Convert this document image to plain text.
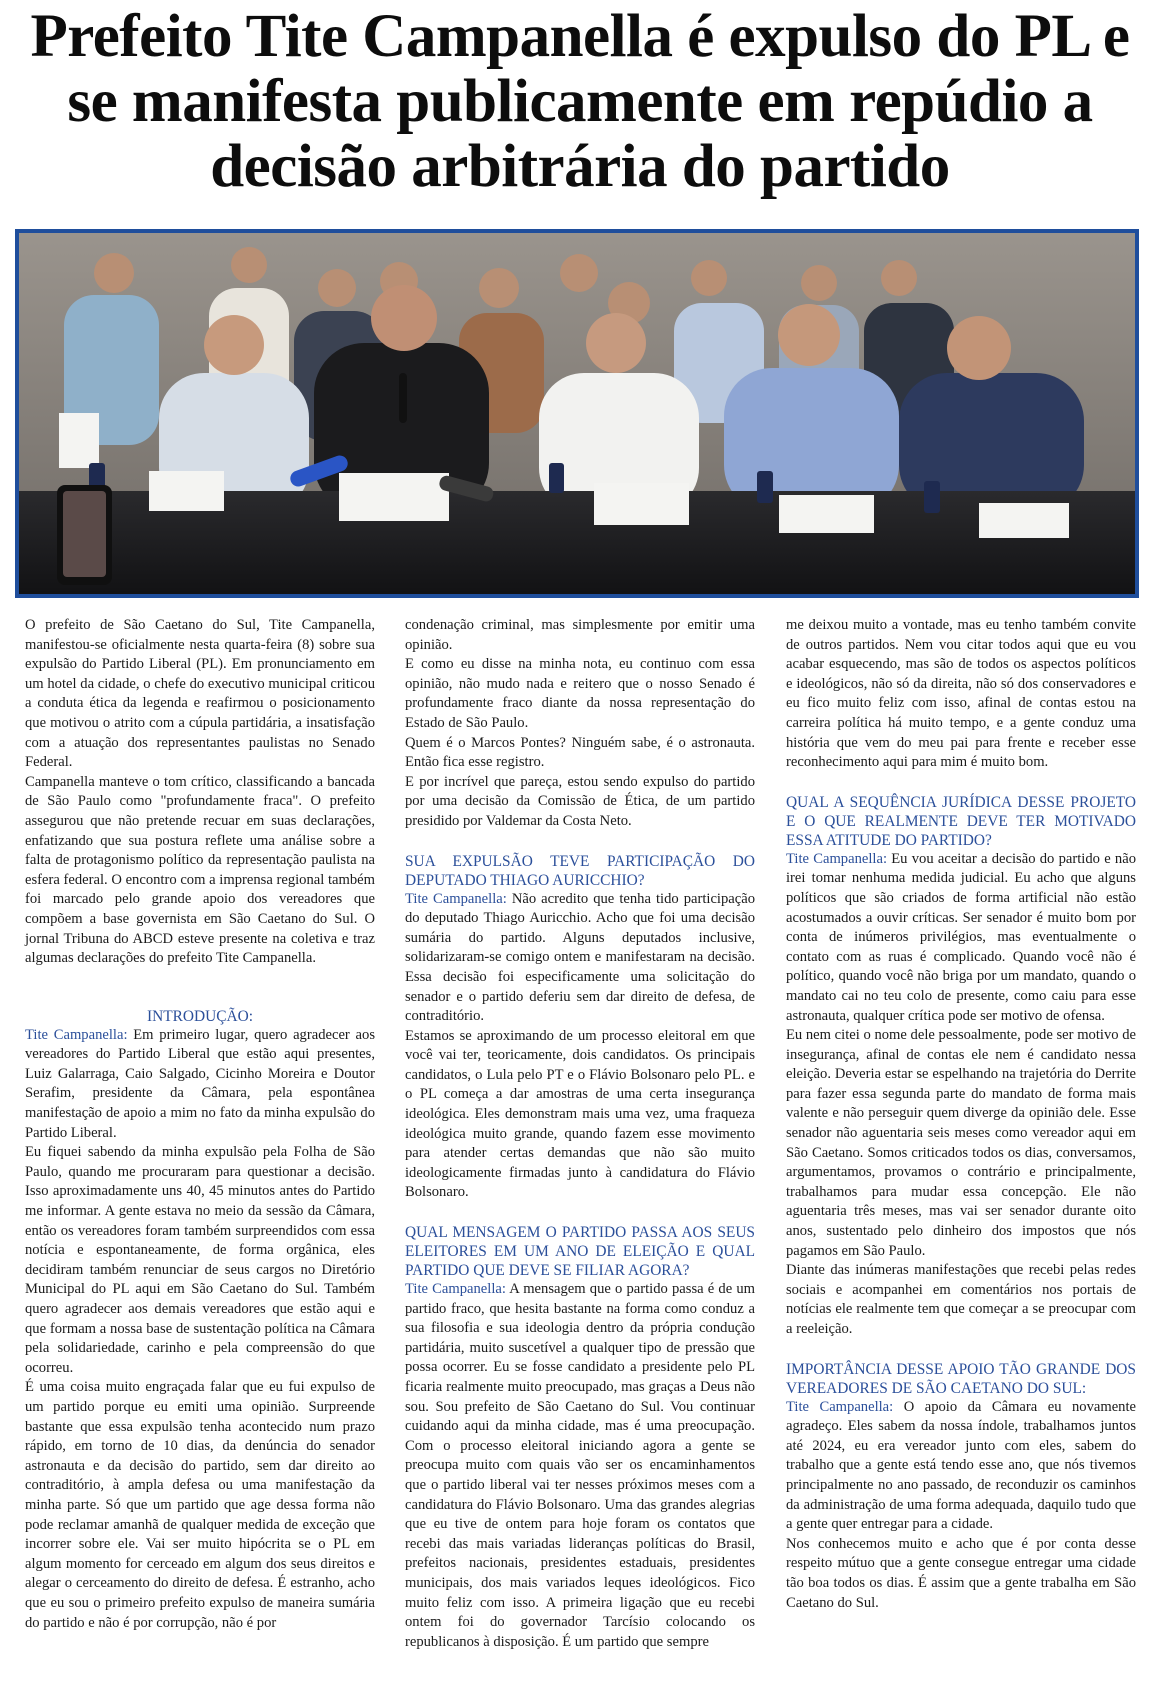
Prefeito Tite Campanella é expulso do PL e se manifesta publicamente em repúdio a decisão arbitrária do partido

O prefeito de São Caetano do Sul, Tite Campanella, manifestou-se oficialmente nesta quarta-feira (8) sobre sua expulsão do Partido Liberal (PL). Em pronunciamento em um hotel da cidade, o chefe do executivo municipal criticou a conduta ética da legenda e reafirmou o posicionamento que motivou o atrito com a cúpula partidária, a insatisfação com a atuação dos representantes paulistas no Senado Federal.

Campanella manteve o tom crítico, classificando a bancada de São Paulo como "profundamente fraca". O prefeito assegurou que não pretende recuar em suas declarações, enfatizando que sua postura reflete uma análise sobre a falta de protagonismo político da representação paulista na esfera federal. O encontro com a imprensa regional também foi marcado pelo grande apoio dos vereadores que compõem a base governista em São Caetano do Sul. O jornal Tribuna do ABCD esteve presente na coletiva e traz algumas declarações do prefeito Tite Campanella.

INTRODUÇÃO:

Tite Campanella: Em primeiro lugar, quero agradecer aos vereadores do Partido Liberal que estão aqui presentes, Luiz Galarraga, Caio Salgado, Cicinho Moreira e Doutor Serafim, presidente da Câmara, pela espontânea manifestação de apoio a mim no fato da minha expulsão do Partido Liberal.

Eu fiquei sabendo da minha expulsão pela Folha de São Paulo, quando me procuraram para questionar a decisão. Isso aproximadamente uns 40, 45 minutos antes do Partido me informar. A gente estava no meio da sessão da Câmara, então os vereadores foram também surpreendidos com essa notícia e espontaneamente, de forma orgânica, eles decidiram também renunciar de seus cargos no Diretório Municipal do PL aqui em São Caetano do Sul. Também quero agradecer aos demais vereadores que estão aqui e que formam a nossa base de sustentação política na Câmara pela solidariedade, carinho e pela compreensão do que ocorreu.

É uma coisa muito engraçada falar que eu fui expulso de um partido porque eu emiti uma opinião. Surpreende bastante que essa expulsão tenha acontecido num prazo rápido, em torno de 10 dias, da denúncia do senador astronauta e da decisão do partido, sem dar direito ao contraditório, à ampla defesa ou uma manifestação da minha parte. Só que um partido que age dessa forma não pode reclamar amanhã de qualquer medida de exceção que incorrer sobre ele. Vai ser muito hipócrita se o PL em algum momento for cerceado em algum dos seus direitos e alegar o cerceamento do direito de defesa. É estranho, acho que eu sou o primeiro prefeito expulso de maneira sumária do partido e não é por corrupção, não é por

condenação criminal, mas simplesmente por emitir uma opinião.

E como eu disse na minha nota, eu continuo com essa opinião, não mudo nada e reitero que o nosso Senado é profundamente fraco diante da nossa representação do Estado de São Paulo.

Quem é o Marcos Pontes? Ninguém sabe, é o astronauta. Então fica esse registro.

E por incrível que pareça, estou sendo expulso do partido por uma decisão da Comissão de Ética, de um partido presidido por Valdemar da Costa Neto.

SUA EXPULSÃO TEVE PARTICIPAÇÃO DO DEPUTADO THIAGO AURICCHIO?

Tite Campanella: Não acredito que tenha tido participação do deputado Thiago Auricchio. Acho que foi uma decisão sumária do partido. Alguns deputados inclusive, solidarizaram-se comigo ontem e manifestaram na decisão. Essa decisão foi especificamente uma solicitação do senador e o partido deferiu sem dar direito de defesa, de contraditório.

Estamos se aproximando de um processo eleitoral em que você vai ter, teoricamente, dois candidatos. Os principais candidatos, o Lula pelo PT e o Flávio Bolsonaro pelo PL. e o PL começa a dar amostras de uma certa insegurança ideológica. Eles demonstram mais uma vez, uma fraqueza ideológica muito grande, quando fazem esse movimento para atender certas demandas que não são muito ideologicamente firmadas junto à candidatura do Flávio Bolsonaro.

QUAL MENSAGEM O PARTIDO PASSA AOS SEUS ELEITORES EM UM ANO DE ELEIÇÃO E QUAL PARTIDO QUE DEVE SE FILIAR AGORA?

Tite Campanella: A mensagem que o partido passa é de um partido fraco, que hesita bastante na forma como conduz a sua filosofia e sua ideologia dentro da própria condução partidária, muito suscetível a qualquer tipo de pressão que possa ocorrer. Eu se fosse candidato a presidente pelo PL ficaria realmente muito preocupado, mas graças a Deus não sou. Sou prefeito de São Caetano do Sul. Vou continuar cuidando aqui da minha cidade, mas é uma preocupação. Com o processo eleitoral iniciando agora a gente se preocupa muito com quais vão ser os encaminhamentos que o partido liberal vai ter nesses próximos meses com a candidatura do Flávio Bolsonaro. Uma das grandes alegrias que eu tive de ontem para hoje foram os contatos que recebi das mais variadas lideranças políticas do Brasil, prefeitos nacionais, presidentes estaduais, presidentes municipais, dos mais variados leques ideológicos. Fico muito feliz com isso. A primeira ligação que eu recebi ontem foi do governador Tarcísio colocando os republicanos à disposição. É um partido que sempre

me deixou muito a vontade, mas eu tenho também convite de outros partidos. Nem vou citar todos aqui que eu vou acabar esquecendo, mas são de todos os aspectos políticos e ideológicos, não só da direita, não só dos conservadores e eu fico muito feliz com isso, afinal de contas estou na carreira política há muito tempo, e a gente conduz uma história que vem do meu pai para frente e receber esse reconhecimento aqui para mim é muito bom.

QUAL A SEQUÊNCIA JURÍDICA DESSE PROJETO E O QUE REALMENTE DEVE TER MOTIVADO ESSA ATITUDE DO PARTIDO?

Tite Campanella: Eu vou aceitar a decisão do partido e não irei tomar nenhuma medida judicial. Eu acho que alguns políticos que são criados de forma artificial não estão acostumados a ouvir críticas. Ser senador é muito bom por conta de inúmeros privilégios, mas eventualmente o contato com as ruas é complicado. Quando você não é político, quando você não briga por um mandato, quando o mandato cai no teu colo de presente, como caiu para esse astronauta, qualquer crítica pode ser motivo de ofensa.

Eu nem citei o nome dele pessoalmente, pode ser motivo de insegurança, afinal de contas ele nem é candidato nessa eleição. Deveria estar se espelhando na trajetória do Derrite para fazer essa segunda parte do mandato de forma mais valente e não perseguir quem diverge da opinião dele. Esse senador não aguentaria seis meses como vereador aqui em São Caetano. Somos criticados todos os dias, conversamos, argumentamos, provamos o contrário e principalmente, trabalhamos para mudar essa concepção. Ele não aguentaria três meses, mas vai ser senador durante oito anos, sustentado pelo dinheiro dos impostos que nós pagamos em São Paulo.

Diante das inúmeras manifestações que recebi pelas redes sociais e acompanhei em comentários nos portais de notícias ele realmente tem que começar a se preocupar com a reeleição.

IMPORTÂNCIA DESSE APOIO TÃO GRANDE DOS VEREADORES DE SÃO CAETANO DO SUL:

Tite Campanella: O apoio da Câmara eu novamente agradeço. Eles sabem da nossa índole, trabalhamos juntos até 2024, eu era vereador junto com eles, sabem do trabalho que a gente está tendo esse ano, que nós tivemos principalmente no ano passado, de reconduzir os caminhos da administração de uma forma adequada, daquilo tudo que a gente quer entregar para a cidade.

Nos conhecemos muito e acho que é por conta desse respeito mútuo que a gente consegue entregar uma cidade tão boa todos os dias. É assim que a gente trabalha em São Caetano do Sul.
